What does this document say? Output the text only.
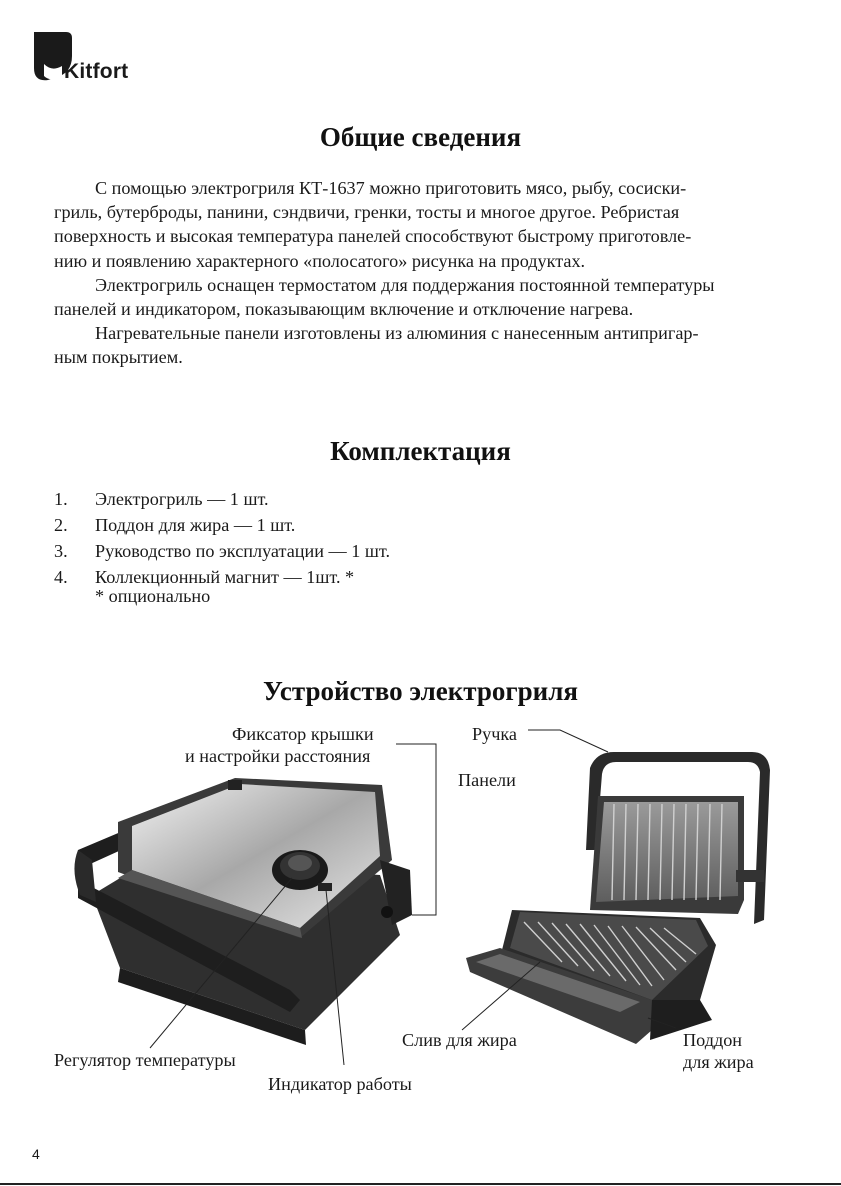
Kitfort
Общие сведения
С помощью электрогриля КТ-1637 можно приготовить мясо, рыбу, сосиски-
гриль, бутерброды, панини, сэндвичи, гренки, тосты и многое другое. Ребристая
поверхность и высокая температура панелей способствуют быстрому приготовле-
нию и появлению характерного «полосатого» рисунка на продуктах.
Электрогриль оснащен термостатом для поддержания постоянной температуры
панелей и индикатором, показывающим включение и отключение нагрева.
Нагревательные панели изготовлены из алюминия с нанесенным антипригар-
ным покрытием.
Комплектация
1.	Электрогриль — 1 шт.
2.	Поддон для жира — 1 шт.
3.	Руководство по эксплуатации — 1 шт.
4.	Коллекционный магнит — 1шт. *
* опционально
Устройство электрогриля
Фиксатор крышки
и настройки расстояния
Ручка
Панели
Регулятор температуры
Индикатор работы
Слив для жира	Поддон
для жира
4
